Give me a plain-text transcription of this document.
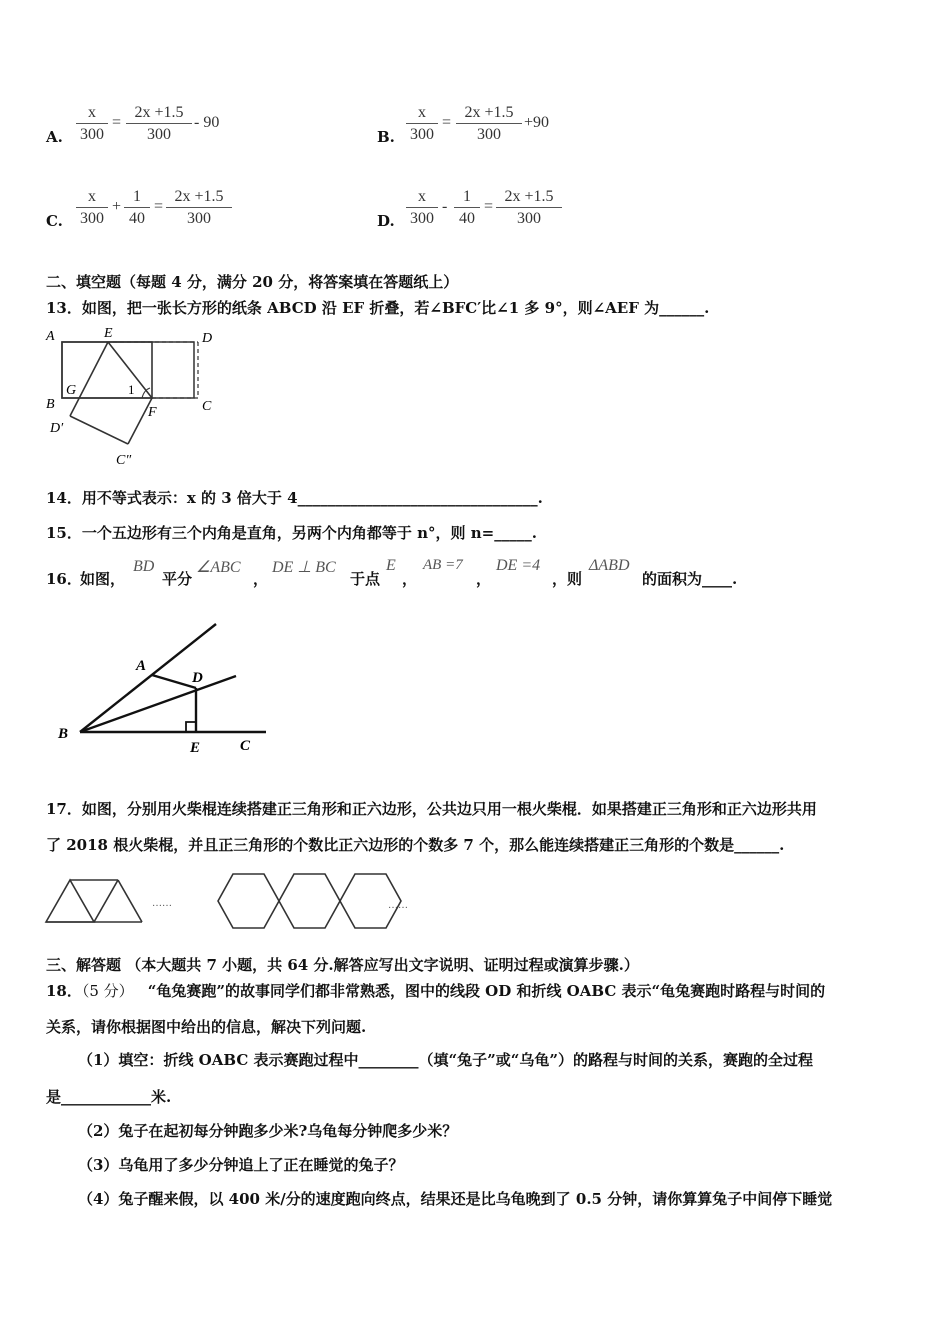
A. $\frac{x}{300} = \frac{2x +1.5}{300} - 90$
B. $\frac{x}{300} = \frac{2x +1.5}{300} +90$
C. $\frac{x}{300} + \frac{1}{40} = \frac{2x +1.5}{300}$	D. $\frac{x}{300} - \frac{1}{40} = \frac{2x +1.5}{300}$
二、填空题（每题 4 分，满分 20 分，将答案填在答题纸上）
13．如图，把一张长方形的纸条 ABCD 沿 EF 折叠，若∠BFC′比∠1 多 9°，则∠AEF 为______.
A	E	D
G	1
B
F	C
D′
C″
14．用不等式表示：x 的 3 倍大于 4________________________________.
15．一个五边形有三个内角是直角，另两个内角都等于 n°，则 n=_____.
16．
如图，
BD
平分
∠ABC
，
DE ⊥ BC
于点
E
，
AB =7
，
DE =4
，则
ΔABD
的面积为____.
A
D
B
E	C
17．如图，分别用火柴棍连续搭建正三角形和正六边形，公共边只用一根火柴棍．如果搭建正三角形和正六边形共用
了 2018 根火柴棍，并且正三角形的个数比正六边形的个数多 7 个，那么能连续搭建正三角形的个数是______.
……	……
三、解答题 （本大题共 7 小题，共 64 分.解答应写出文字说明、证明过程或演算步骤.）
18．（5 分） “龟兔赛跑”的故事同学们都非常熟悉，图中的线段 OD 和折线 OABC 表示“龟兔赛跑时路程与时间的
关系，请你根据图中给出的信息，解决下列问题.
（1）填空：折线 OABC 表示赛跑过程中________（填“兔子”或“乌龟”）的路程与时间的关系，赛跑的全过程
是____________米.
（2）兔子在起初每分钟跑多少米?乌龟每分钟爬多少米？
（3）乌龟用了多少分钟追上了正在睡觉的兔子？
（4）兔子醒来假，以 400 米/分的速度跑向终点，结果还是比乌龟晚到了 0.5 分钟，请你算算兔子中间停下睡觉
